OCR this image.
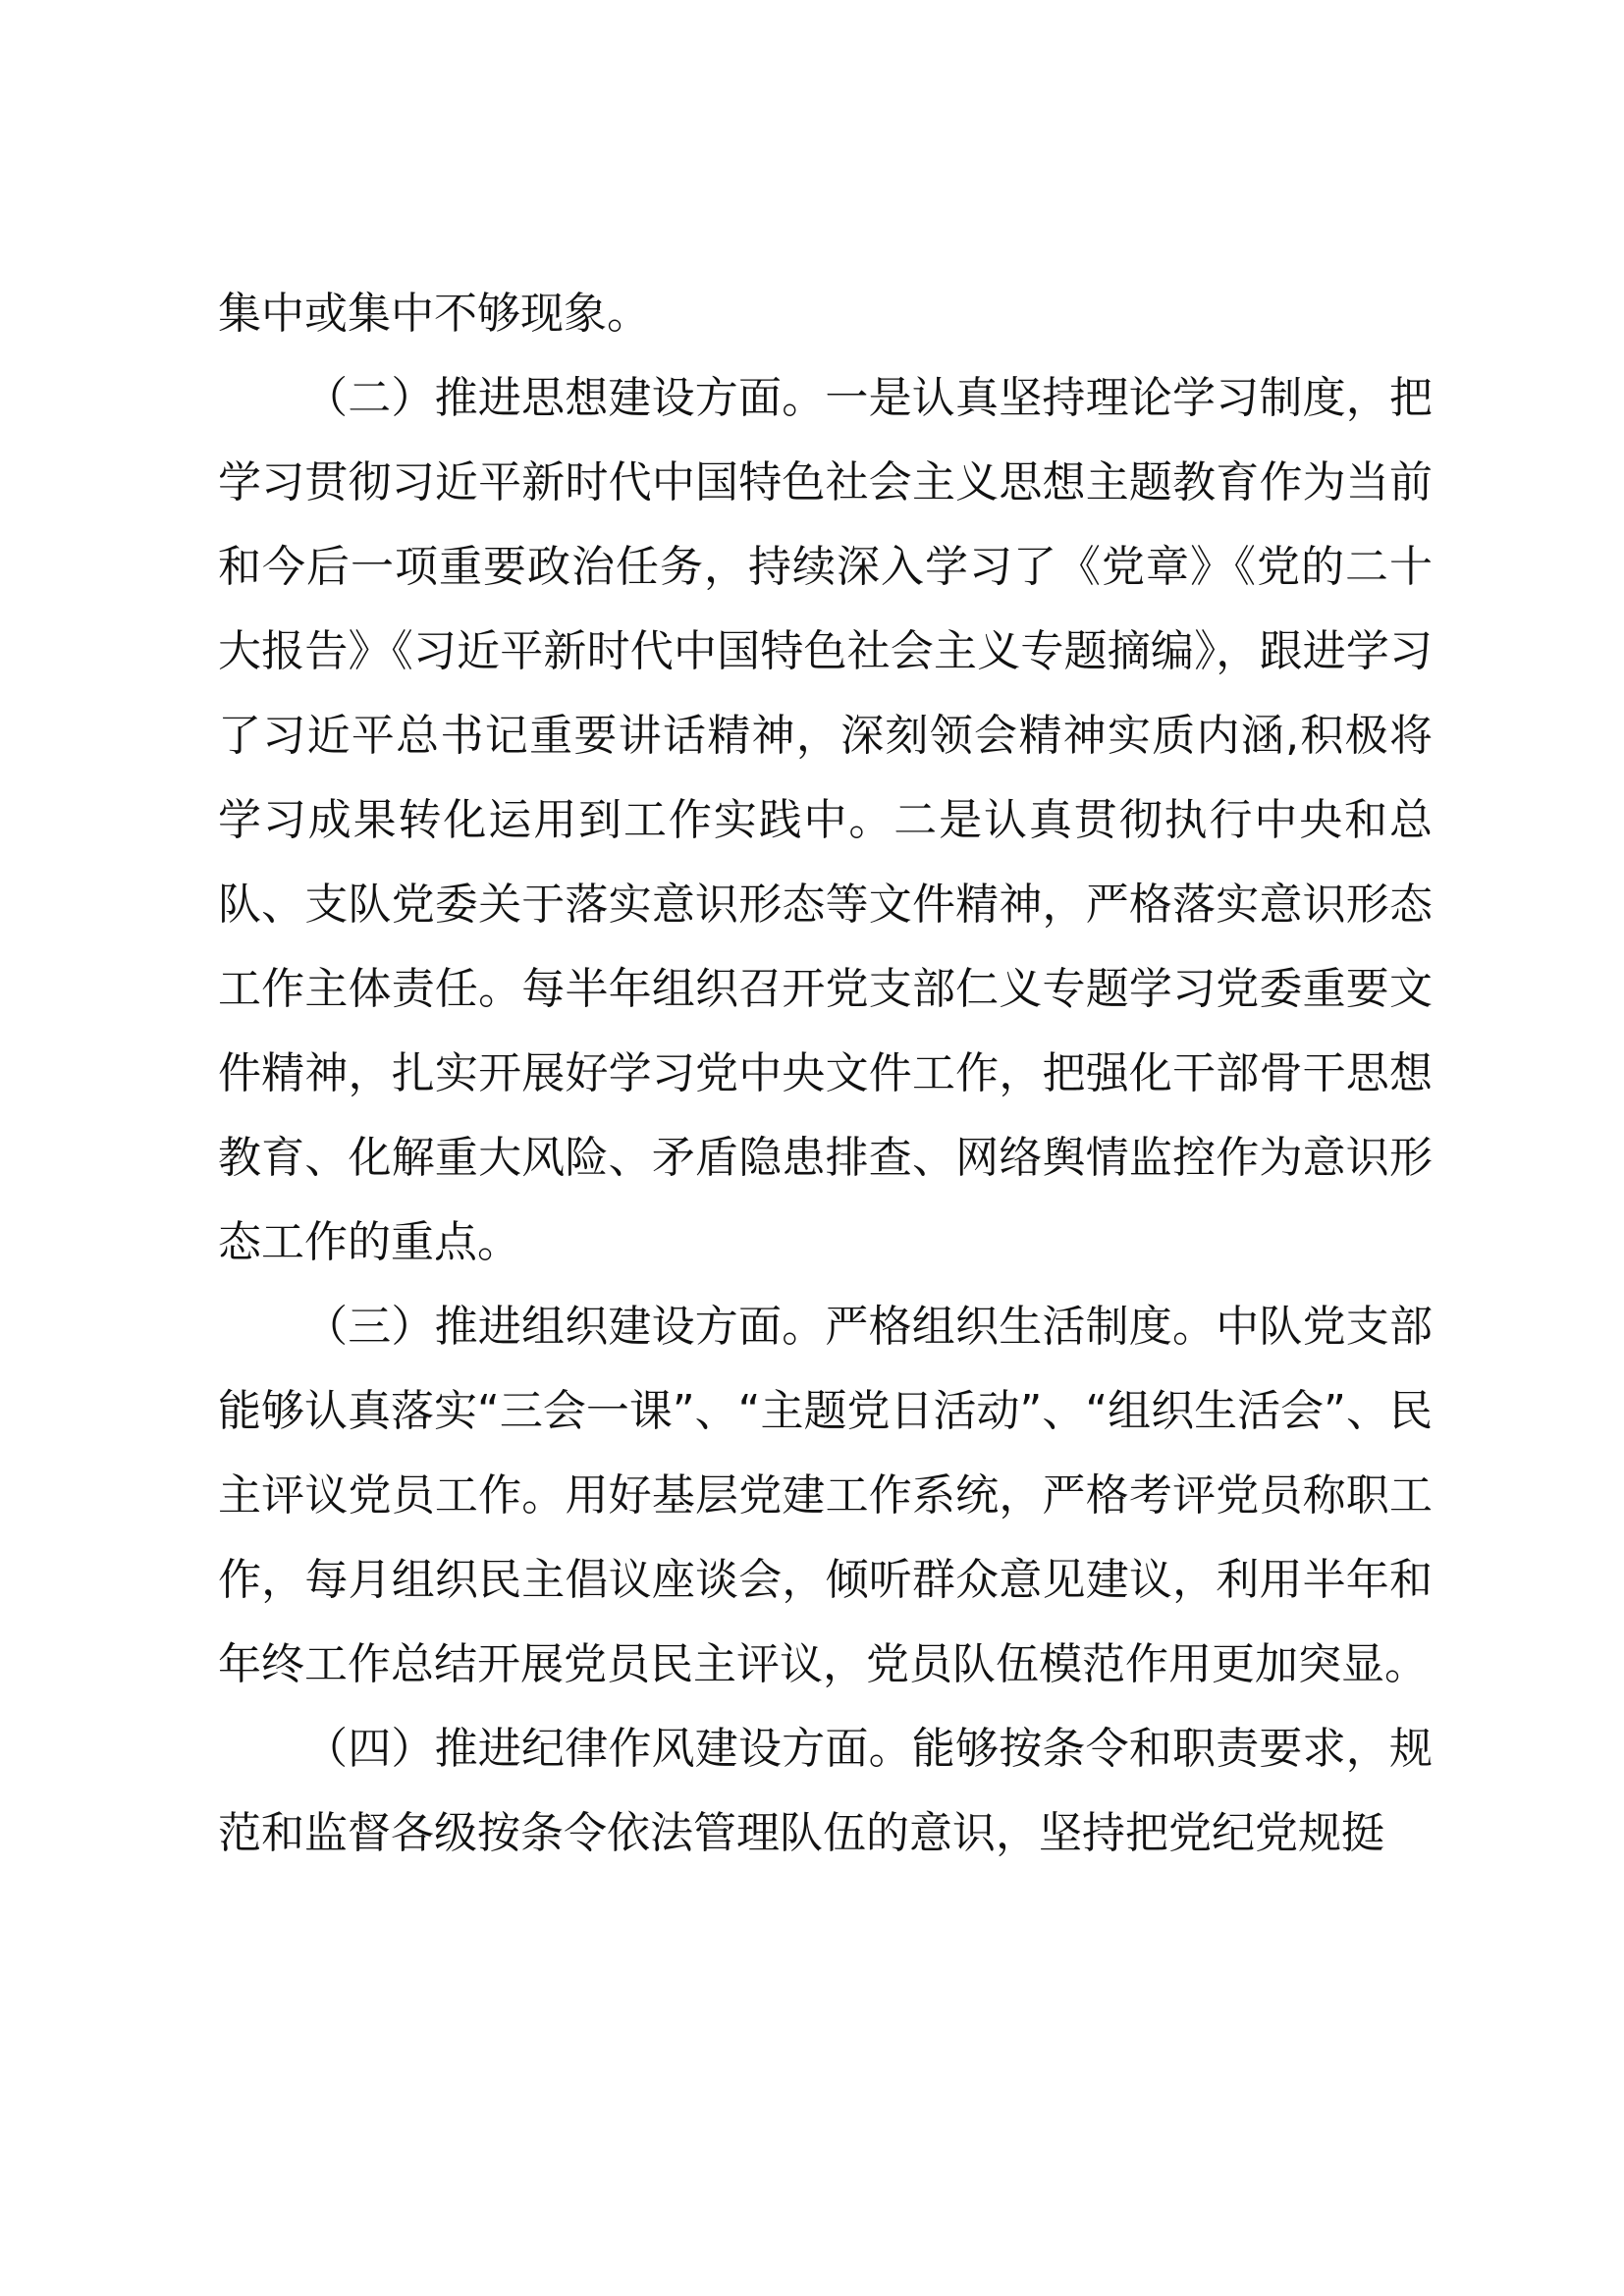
集中或集中不够现象。

（二）推进思想建设方面。一是认真坚持理论学习制度，把学习贯彻习近平新时代中国特色社会主义思想主题教育作为当前和今后一项重要政治任务，持续深入学习了《党章》《党的二十大报告》《习近平新时代中国特色社会主义专题摘编》，跟进学习了习近平总书记重要讲话精神，深刻领会精神实质内涵,积极将学习成果转化运用到工作实践中。二是认真贯彻执行中央和总队、支队党委关于落实意识形态等文件精神，严格落实意识形态工作主体责任。每半年组织召开党支部仁义专题学习党委重要文件精神，扎实开展好学习党中央文件工作，把强化干部骨干思想教育、化解重大风险、矛盾隐患排查、网络舆情监控作为意识形态工作的重点。

（三）推进组织建设方面。严格组织生活制度。中队党支部能够认真落实“三会一课”、“主题党日活动”、“组织生活会”、民主评议党员工作。用好基层党建工作系统，严格考评党员称职工作，每月组织民主倡议座谈会，倾听群众意见建议，利用半年和年终工作总结开展党员民主评议，党员队伍模范作用更加突显。

（四）推进纪律作风建设方面。能够按条令和职责要求，规范和监督各级按条令依法管理队伍的意识，坚持把党纪党规挺
